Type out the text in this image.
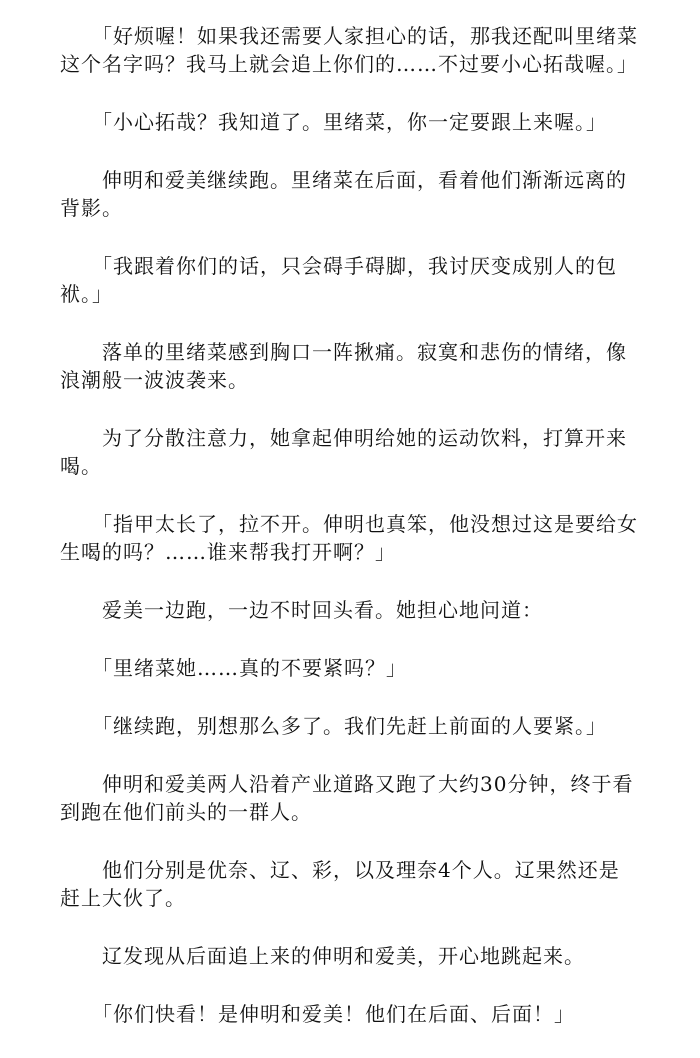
　　「好烦喔！如果我还需要人家担心的话，那我还配叫里绪菜这个名字吗？我马上就会追上你们的……不过要小心拓哉喔。」

　　「小心拓哉？我知道了。里绪菜，你一定要跟上来喔。」

　　伸明和爱美继续跑。里绪菜在后面，看着他们渐渐远离的背影。

　　「我跟着你们的话，只会碍手碍脚，我讨厌变成别人的包袱。」

　　落单的里绪菜感到胸口一阵揪痛。寂寞和悲伤的情绪，像浪潮般一波波袭来。

　　为了分散注意力，她拿起伸明给她的运动饮料，打算开来喝。

　　「指甲太长了，拉不开。伸明也真笨，他没想过这是要给女生喝的吗？……谁来帮我打开啊？」

　　爱美一边跑，一边不时回头看。她担心地问道：

　　「里绪菜她……真的不要紧吗？」

　　「继续跑，别想那么多了。我们先赶上前面的人要紧。」

　　伸明和爱美两人沿着产业道路又跑了大约30分钟，终于看到跑在他们前头的一群人。

　　他们分别是优奈、辽、彩，以及理奈4个人。辽果然还是赶上大伙了。

　　辽发现从后面追上来的伸明和爱美，开心地跳起来。

　　「你们快看！是伸明和爱美！他们在后面、后面！」
